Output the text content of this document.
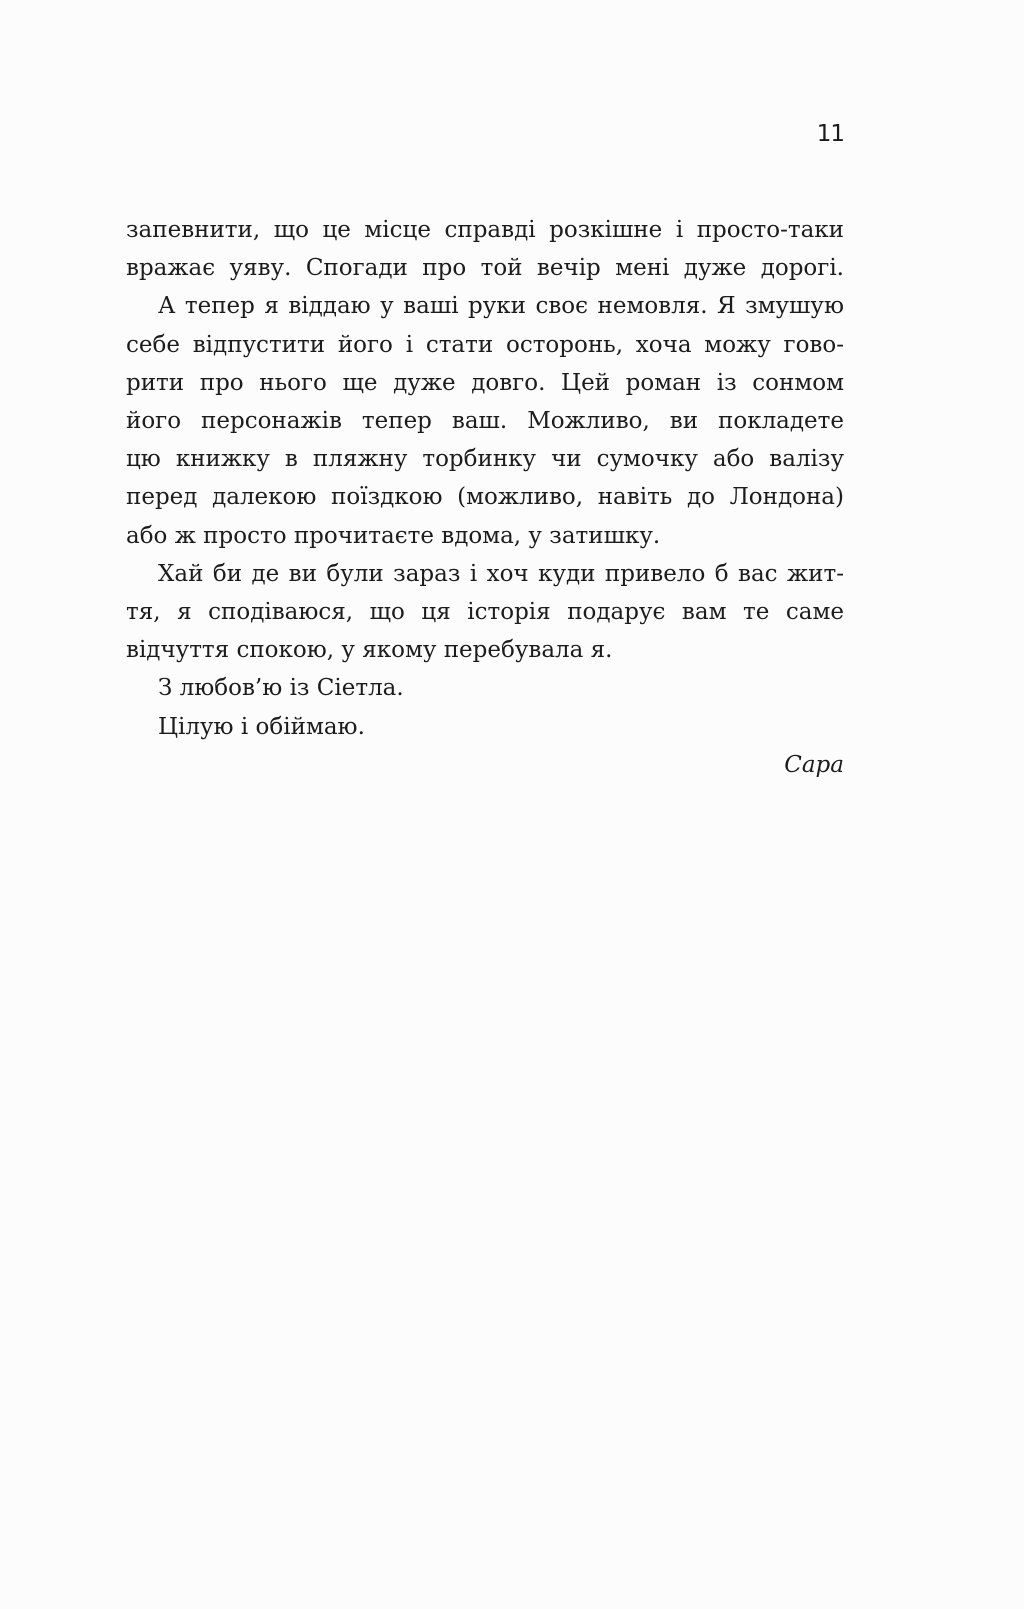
11
запевнити, що це місце справді розкішне і просто-таки
вражає уяву. Спогади про той вечір мені дуже дорогі.
А тепер я віддаю у ваші руки своє немовля. Я змушую
себе відпустити його і стати осторонь, хоча можу гово-
рити про нього ще дуже довго. Цей роман із сонмом
його персонажів тепер ваш. Можливо, ви покладете
цю книжку в пляжну торбинку чи сумочку або валізу
перед далекою поїздкою (можливо, навіть до Лондона)
або ж просто прочитаєте вдома, у затишку.
Хай би де ви були зараз і хоч куди привело б вас жит-
тя, я сподіваюся, що ця історія подарує вам те саме
відчуття спокою, у якому перебувала я.
З любов’ю із Сіетла.
Цілую і обіймаю.
Сара
